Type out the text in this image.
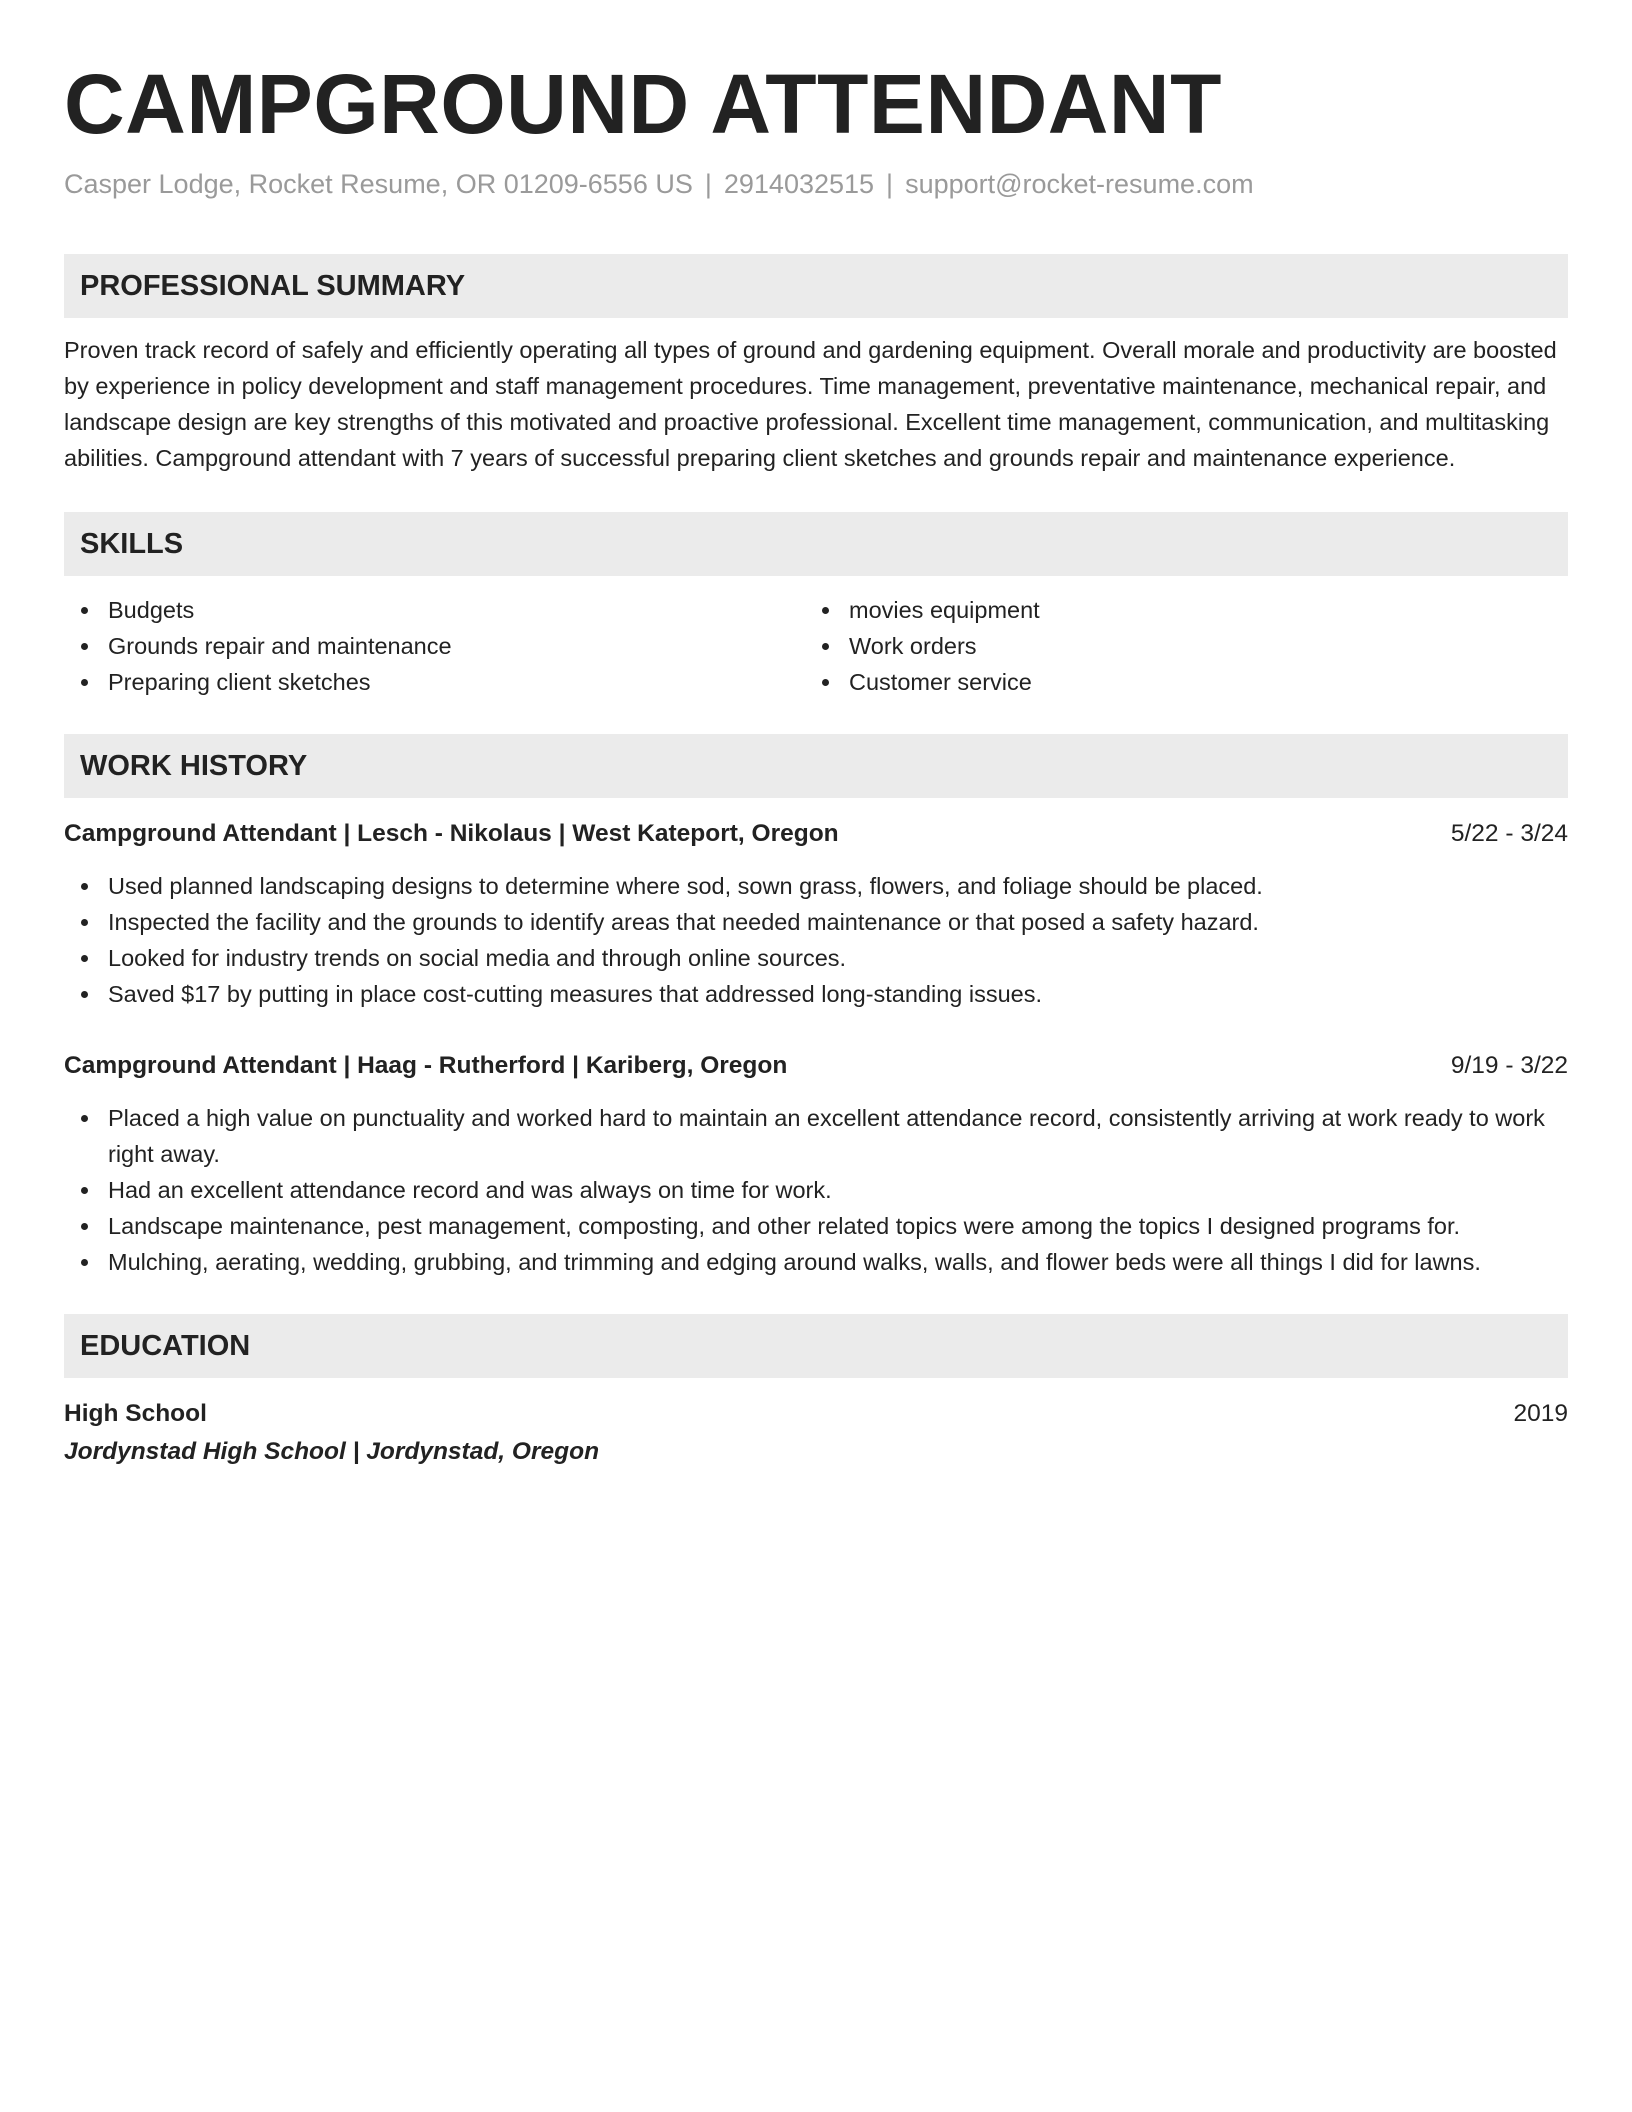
CAMPGROUND ATTENDANT
Casper Lodge, Rocket Resume, OR 01209-6556 US | 2914032515 | support@rocket-resume.com
PROFESSIONAL SUMMARY

Proven track record of safely and efficiently operating all types of ground and gardening equipment. Overall morale and productivity are boosted by experience in policy development and staff management procedures. Time management, preventative maintenance, mechanical repair, and landscape design are key strengths of this motivated and proactive professional. Excellent time management, communication, and multitasking abilities. Campground attendant with 7 years of successful preparing client sketches and grounds repair and maintenance experience.

SKILLS
Budgets
Grounds repair and maintenance
Preparing client sketches
movies equipment
Work orders
Customer service
WORK HISTORY
Campground Attendant | Lesch - Nikolaus | West Kateport, Oregon	5/22 - 3/24
Used planned landscaping designs to determine where sod, sown grass, flowers, and foliage should be placed.
Inspected the facility and the grounds to identify areas that needed maintenance or that posed a safety hazard.
Looked for industry trends on social media and through online sources.
Saved $17 by putting in place cost-cutting measures that addressed long-standing issues.
Campground Attendant | Haag - Rutherford | Kariberg, Oregon	9/19 - 3/22
Placed a high value on punctuality and worked hard to maintain an excellent attendance record, consistently arriving at work ready to work right away.
Had an excellent attendance record and was always on time for work.
Landscape maintenance, pest management, composting, and other related topics were among the topics I designed programs for.
Mulching, aerating, wedding, grubbing, and trimming and edging around walks, walls, and flower beds were all things I did for lawns.
EDUCATION
High School	2019
Jordynstad High School | Jordynstad, Oregon
